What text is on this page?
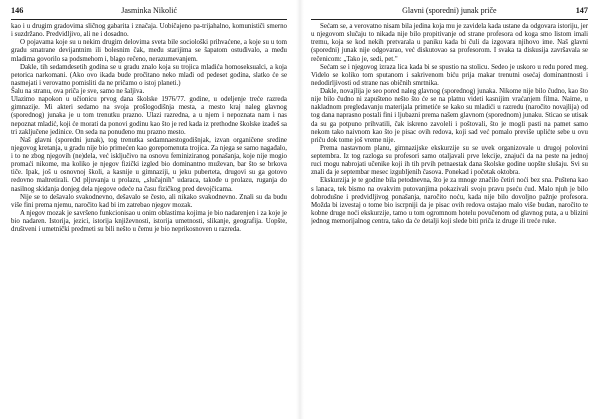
146	Jasminka Nikolić

kao i u drugim gradovima sličnog gabarita i značaja. Uobičajeno pa-trijahalno, komunističi smerno i suzdržano. Predvidljivo, ali ne i dosadno.

O pojavama koje su u nekim drugim delovima sveta bile sociološki prihvaćene, a koje su u tom gradu smatrane devijantnim ili bolesnim čak, među starijima se šapatom ostuđivalo, a među mladima govorilo sa podsmehom i, blago rečeno, nerazumevanjem.

Dakle, tih sedamdesetih godina se u gradu znalo koja su trojica mladića homoseksualci, a koja petorica narkomani. (Ako ovo ikada bude pročitano neko mlađi od pedeset godina, slatko će se nasmejati i verovatno pomisliti da ne pričamo o istoj planeti.)

Šalu na stranu, ova priča je sve, samo ne šaljiva.

Ulazimo napokon u učionicu prvog dana školske 1976/77. godine, u odeljenje treće razreda gimnazije. Mi akteri sedamo na svoja prošlogodišnja mesta, a mesto kraj naleg glavnog (sporednog) junaka je u tom trenutku prazno. Ulazi razredna, a u njem i nepoznata nam i nas nepoznat mladić, koji će morati da ponovi godinu kao što je red kada iz prethodne školske izađeš sa tri zaključene jedinice. On seda na ponuđeno mu prazno mesto.

Naš glavni (sporedni junak), tog trenutka sedamnaestogodišnjak, izvan organičene sredine njegovog kretanja, u gradu nije bio primećen kao gorepomenuta trojica. Za njega se samo nagađalo, i to ne zbog njegovih (ne)dela, već isključivo na osnovu feminiziranog ponašanja, koje nije mogio promaći nikome, ma koliko je njegov fizički izgled bio dominantno muževan, bar što se brkova tiče. Ipak, još u osnovnoj školi, a kasnije u gimnaziji, u jeku puberteta, drugovi su ga gotovo redovno maltretirali. Od pljuvanja u prolazu, „slučajnih" udaraca, takođe u prolazu, ruganja do nasilnog skidanja donjeg dela njegove odeće na času fizičkog pred devojčicama.

Nije se to dešavalo svakodnevno, dešavalo se često, ali nikako svakodnevno. Znali su da budu više fini prema njemu, naročito kad bi im zatrebao njegov mozak.

A njegov mozak je savršeno funkcionisao u onim oblastima kojima je bio nadarenjen i za koje je bio nadaren. Istorija, jezici, istorija književnosti, istorija umetnosti, slikanje, geografija. Uopšte, društveni i umetnički predmeti su bili nešto u čemu je bio neprikosnoven u razreda.

Glavni (sporedni) junak priče	147

Sećam se, a verovatno nisam bila jedina koja mu je zavidela kada ustane da odgovara istoriju, jer u njegovom slučaju to nikada nije bilo propitivanje od strane profesora od koga smo listom imali tremu, koja se kod nekih pretvarala u paniku kada bi čuli da izgovara njihovo ime. Naš glavni (sporedni) junak nije odgovarao, već diskutovao sa profesorom. I svaka ta diskusija završavala se rečenicom: „Tako je, sedi, pet."

Sećam se i njegovog izraza lica kada bi se spustio na stolicu. Sedeo je uskoro u redu pored meg. Videlo se koliko tom sputanom i sakrivenom biću prija makar trenutni osećaj dominantnosti i nedodirljivosti od strane nas običnih smrtnika.

Dakle, novajlija je seo pored naleg glavnog (sporednog) junaka. Nikome nije bilo čudno, kao što nije bilo čudno ni zapušteno nešto što će se na platnu videti kasnijim vraćanjem filma. Naime, u nakladnom pregledavanju materijala primetiće se kako su mladići u razredu (naročito novajlija) od tog dana naprasno postali fini i ljubazni prema našem glavnom (sporednom) junaku. Sticao se utisak da su ga potpuno prihvatili, čak iskreno zavoleli i poštovali, što je mogli pasti na pamet samo nekom tako naivnom kao što je pisac ovih redova, koji sad već pomalo previše uplićte sebe u ovu priču dok tome još vreme nije.

Prema nastavnom planu, gimnazijske ekskurzije su se uvek organizovale u drugoj polovini septembra. Iz tog razloga su profesori samo otaljavali prve lekcije, znajući da na peste na jednoj ruci mogu nabrojati učenike koji ih tih prvih petnaestak dana školske godine uopšte slušaju. Svi su znali da je septembar mesec izgubljenih časova. Ponekad i početak oktobra.

Ekskurzija je te godine bila petodnevna, što je za mnoge značilo četiri noći bez sna. Puštena kao s lanaca, tek bismo na ovakvim putovanjima pokazivali svoju pravu pseću ćud. Malo njuh je bilo dobrodušne i predvidljivog ponašanja, naročito noću, kada nije bilo dovoljno pažnje profesora. Možda bi izvestaj o tome bio iscrpniji da je pisac ovih redova ostajao malo više budan, naročito te kobne druge noći ekskurzije, tamo u tom ogromnom hotelu povučenom od glavnog puta, a u blizini jednog memorijalnog centra, tako da će detalji koji slede biti priča iz druge ili treće ruke.
